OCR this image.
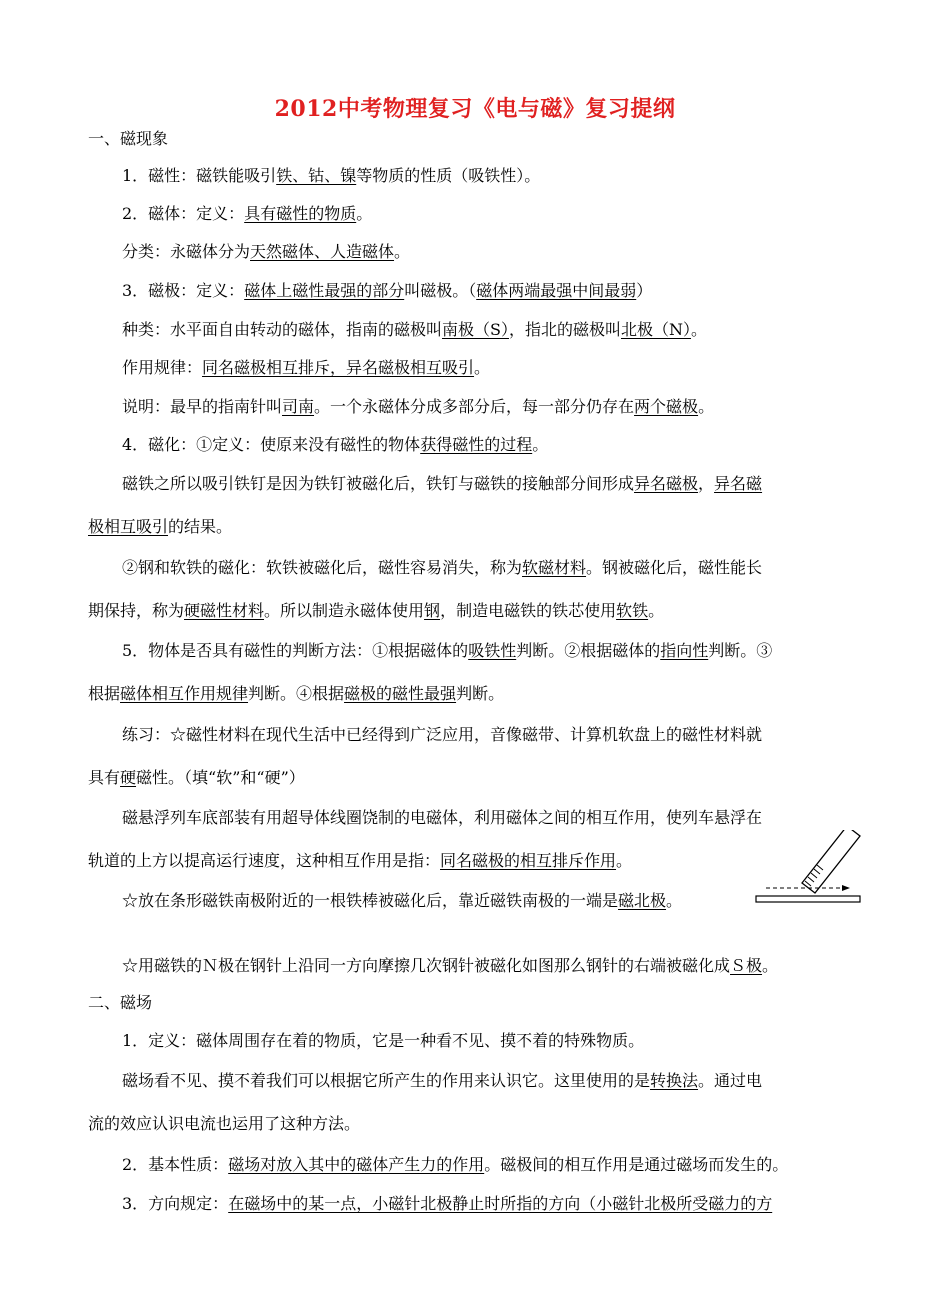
2012中考物理复习《电与磁》复习提纲
一、磁现象
1．磁性：磁铁能吸引铁、钴、镍等物质的性质（吸铁性）。
2．磁体：定义：具有磁性的物质。
分类：永磁体分为天然磁体、人造磁体。
3．磁极：定义：磁体上磁性最强的部分叫磁极。（磁体两端最强中间最弱）
种类：水平面自由转动的磁体，指南的磁极叫南极（S），指北的磁极叫北极（N）。
作用规律：同名磁极相互排斥，异名磁极相互吸引。
说明：最早的指南针叫司南。一个永磁体分成多部分后，每一部分仍存在两个磁极。
4．磁化：①定义：使原来没有磁性的物体获得磁性的过程。
磁铁之所以吸引铁钉是因为铁钉被磁化后，铁钉与磁铁的接触部分间形成异名磁极，异名磁
极相互吸引的结果。
②钢和软铁的磁化：软铁被磁化后，磁性容易消失，称为软磁材料。钢被磁化后，磁性能长
期保持，称为硬磁性材料。所以制造永磁体使用钢，制造电磁铁的铁芯使用软铁。
5．物体是否具有磁性的判断方法：①根据磁体的吸铁性判断。②根据磁体的指向性判断。③
根据磁体相互作用规律判断。④根据磁极的磁性最强判断。
练习：☆磁性材料在现代生活中已经得到广泛应用，音像磁带、计算机软盘上的磁性材料就
具有硬磁性。（填“软”和“硬”）
磁悬浮列车底部装有用超导体线圈饶制的电磁体，利用磁体之间的相互作用，使列车悬浮在
轨道的上方以提高运行速度，这种相互作用是指：同名磁极的相互排斥作用。
☆放在条形磁铁南极附近的一根铁棒被磁化后，靠近磁铁南极的一端是磁北极。
☆用磁铁的Ｎ极在钢针上沿同一方向摩擦几次钢针被磁化如图那么钢针的右端被磁化成Ｓ极。
二、磁场
1．定义：磁体周围存在着的物质，它是一种看不见、摸不着的特殊物质。
磁场看不见、摸不着我们可以根据它所产生的作用来认识它。这里使用的是转换法。通过电
流的效应认识电流也运用了这种方法。
2．基本性质：磁场对放入其中的磁体产生力的作用。磁极间的相互作用是通过磁场而发生的。
3．方向规定：在磁场中的某一点，小磁针北极静止时所指的方向（小磁针北极所受磁力的方
